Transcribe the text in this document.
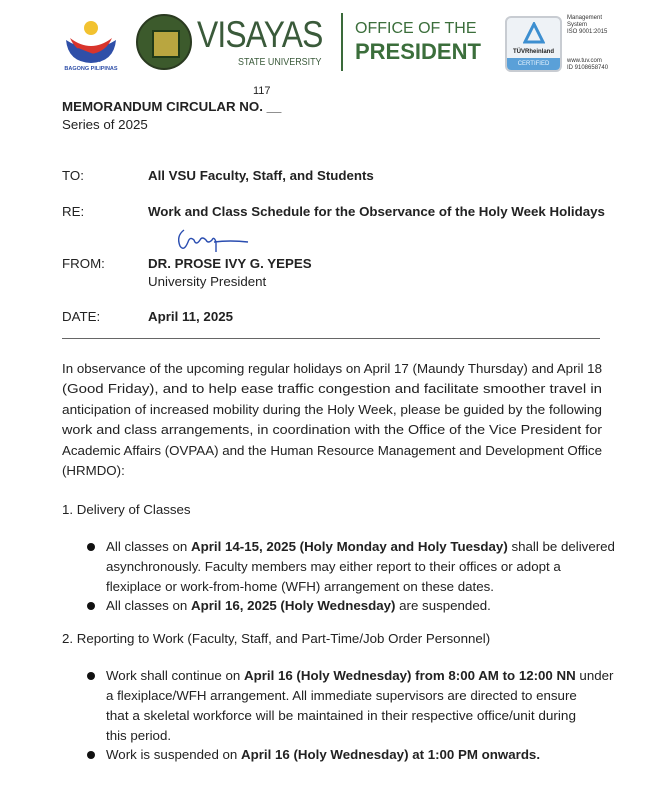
BAGONG PILIPINAS
VISAYAS
STATE UNIVERSITY
OFFICE OF THE
PRESIDENT	TÜVRheinland
CERTIFIED
Management
System
ISO 9001:2015
www.tuv.com
ID 9108658740
MEMORANDUM CIRCULAR NO. __
117
Series of 2025
TO:	All VSU Faculty, Staff, and Students
RE:	Work and Class Schedule for the Observance of the Holy Week Holidays
FROM:	DR. PROSE IVY G. YEPES
University President
DATE:	April 11, 2025
In observance of the upcoming regular holidays on April 17 (Maundy Thursday) and April 18
(Good Friday), and to help ease traffic congestion and facilitate smoother travel in
anticipation of increased mobility during the Holy Week, please be guided by the following
work and class arrangements, in coordination with the Office of the Vice President for
Academic Affairs (OVPAA) and the Human Resource Management and Development Office
(HRMDO):
All classes on April 14-15, 2025 (Holy Monday and Holy Tuesday) shall be delivered
asynchronously. Faculty members may either report to their offices or adopt a
flexiplace or work-from-home (WFH) arrangement on these dates.
All classes on April 16, 2025 (Holy Wednesday) are suspended.
Work shall continue on April 16 (Holy Wednesday) from 8:00 AM to 12:00 NN under
a flexiplace/WFH arrangement. All immediate supervisors are directed to ensure
that a skeletal workforce will be maintained in their respective office/unit during
this period.
Work is suspended on April 16 (Holy Wednesday) at 1:00 PM onwards.
1. Delivery of Classes
2. Reporting to Work (Faculty, Staff, and Part-Time/Job Order Personnel)
